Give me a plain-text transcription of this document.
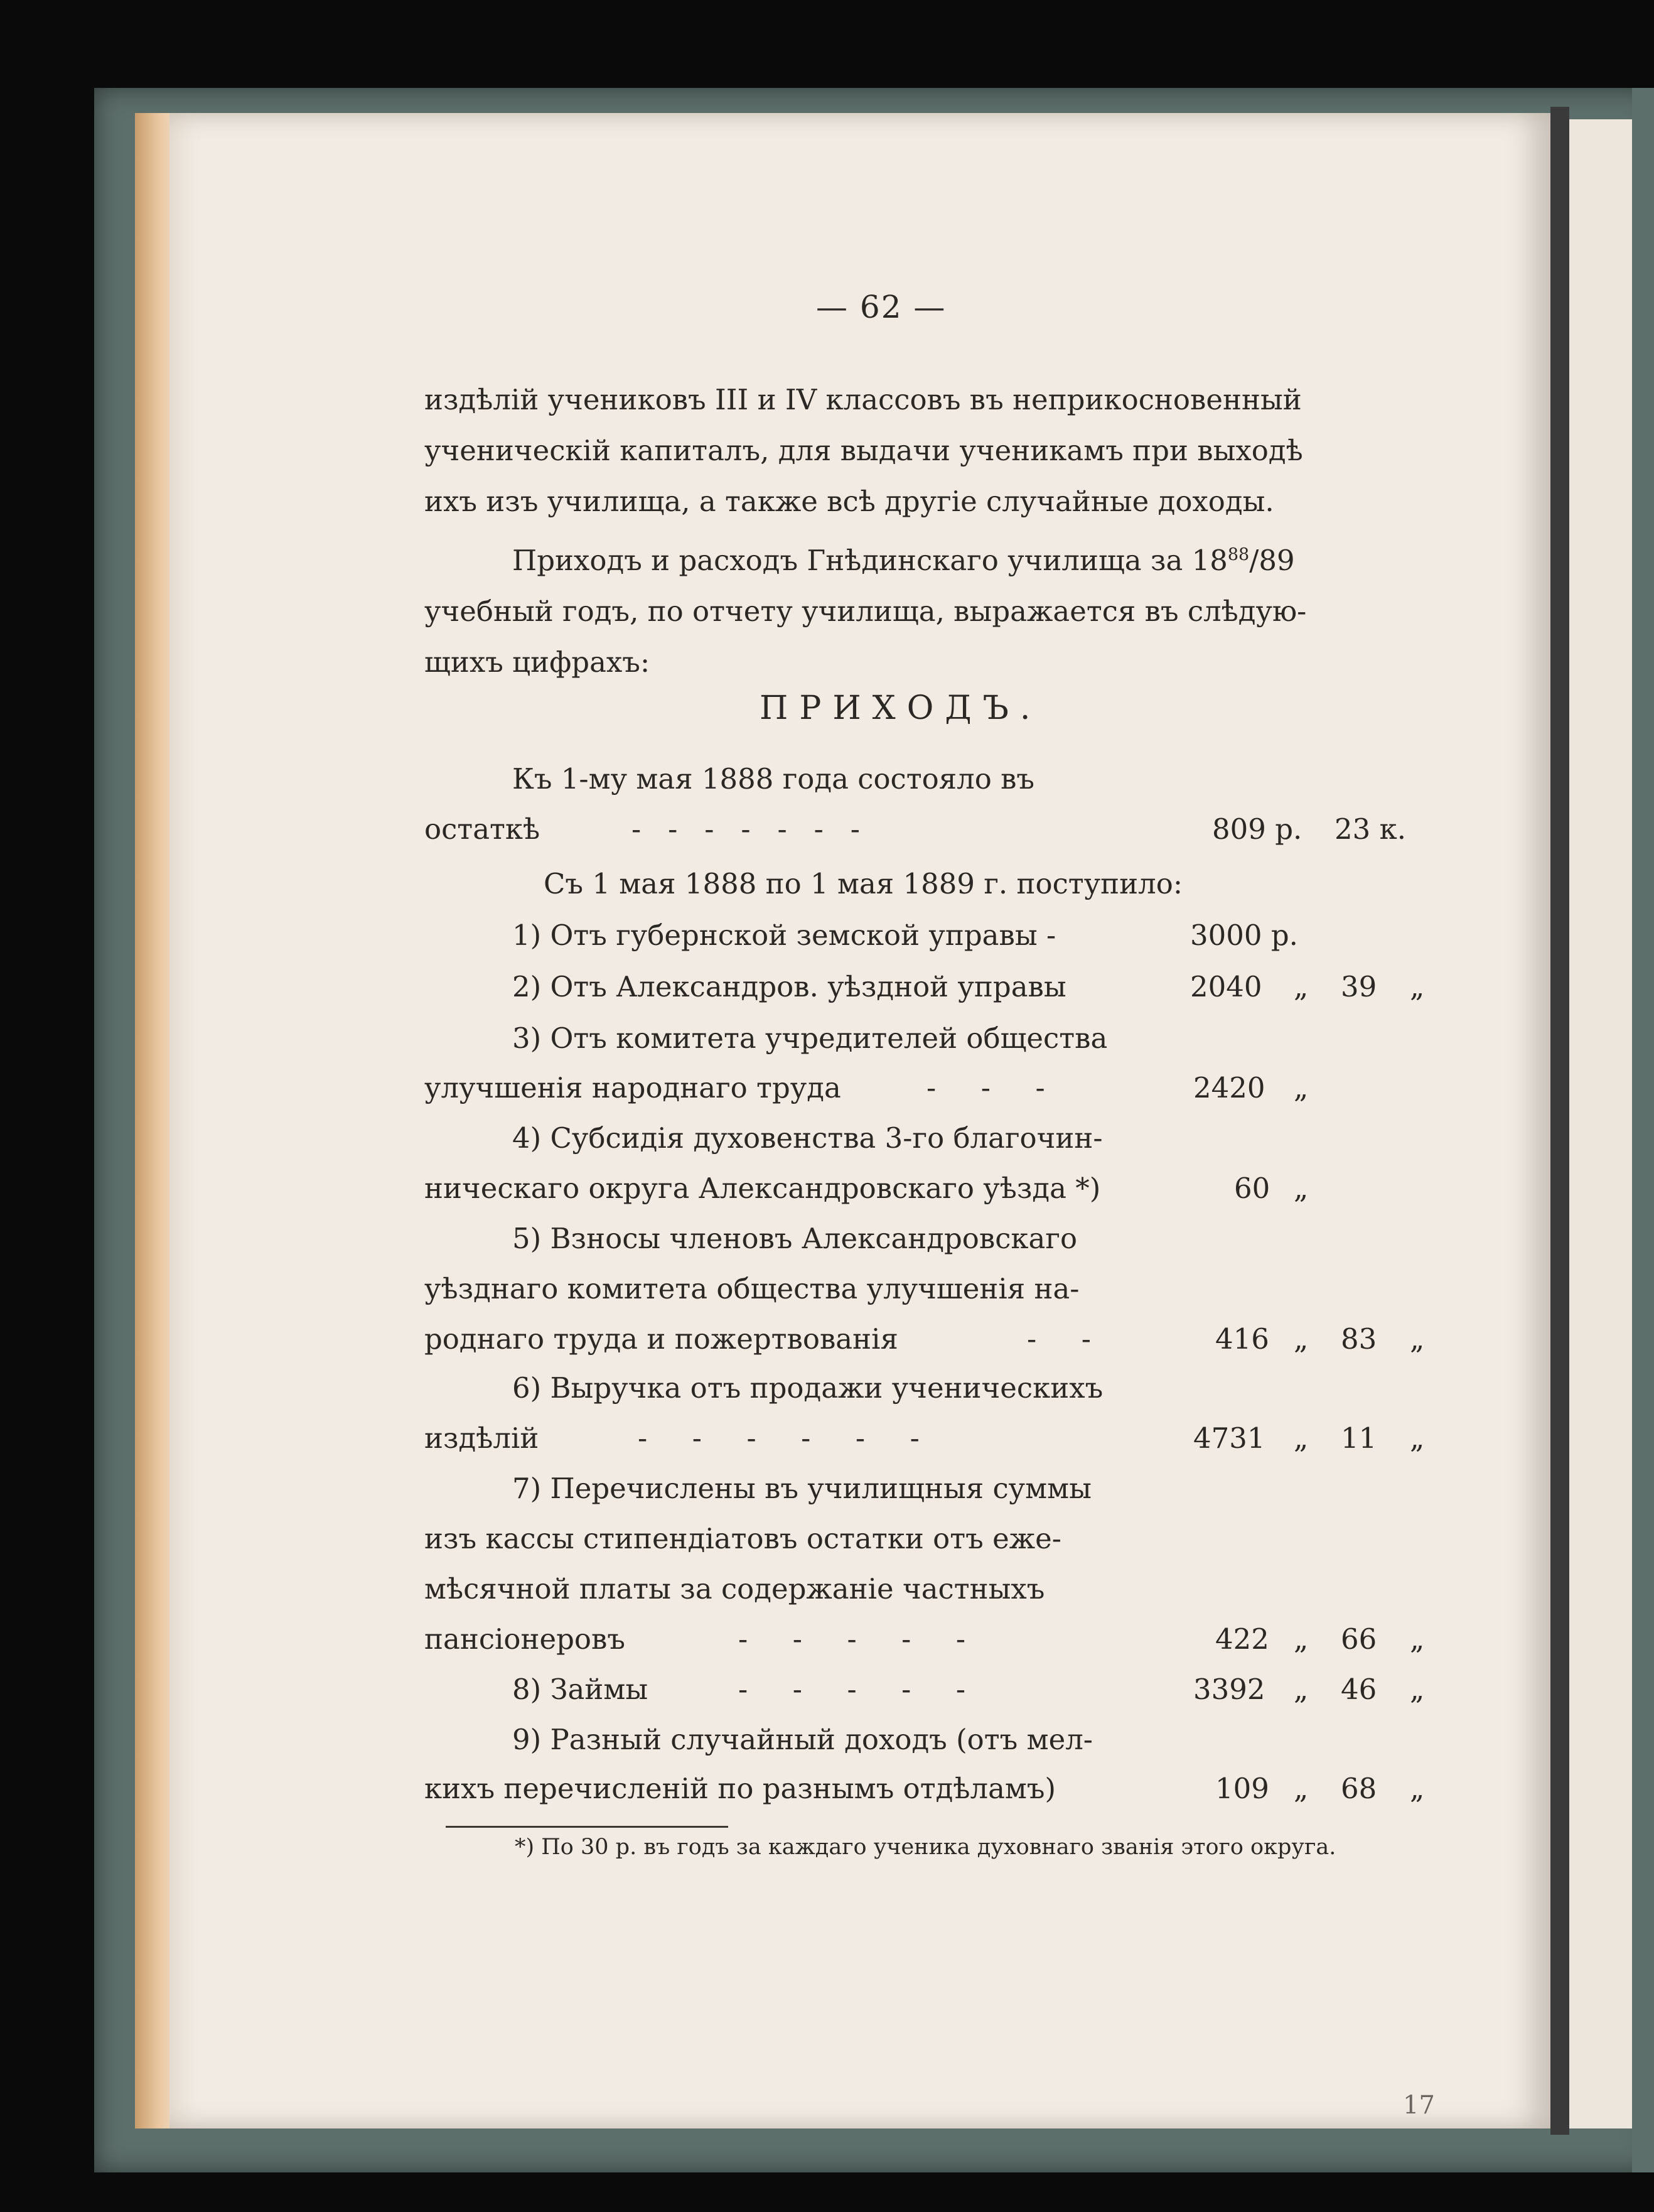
— 62 —
издѣлій учениковъ III и IV классовъ въ неприкосновенный
ученическій капиталъ, для выдачи ученикамъ при выходѣ
ихъ изъ училища, а также всѣ другіе случайные доходы.
Приходъ и расходъ Гнѣдинскаго училища за $18^{88}/89$
учебный годъ, по отчету училища, выражается въ слѣдую-
щихъ цифрахъ:
ПРИХОДЪ.
Къ 1-му мая 1888 года состояло въ
остаткѣ	-   -   -   -   -   -   -	809 р. 23 к.
Съ 1 мая 1888 по 1 мая 1889 г. поступило:
1) Отъ губернской земской управы -	3000 р.
2) Отъ Александров. уѣздной управы	2040 „ 39 „
3) Отъ комитета учредителей общества
улучшенія народнаго труда	-     -     -	2420 „
4) Субсидія духовенства 3-го благочин-
ническаго округа Александровскаго уѣзда *)	60 „
5) Взносы членовъ Александровскаго
уѣзднаго комитета общества улучшенія на-
роднаго труда и пожертвованія	-     -	416 „ 83 „
6) Выручка отъ продажи ученическихъ
издѣлій	-     -     -     -     -     -	4731 „ 11 „
7) Перечислены въ училищныя суммы
изъ кассы стипендіатовъ остатки отъ еже-
мѣсячной платы за содержаніе частныхъ
пансіонеровъ	-     -     -     -     -	422 „ 66 „
8) Займы	-     -     -     -     -	3392 „ 46 „
9) Разный случайный доходъ (отъ мел-
кихъ перечисленій по разнымъ отдѣламъ)	109 „ 68 „
*) По 30 р. въ годъ за каждаго ученика духовнаго званія этого округа.
17
